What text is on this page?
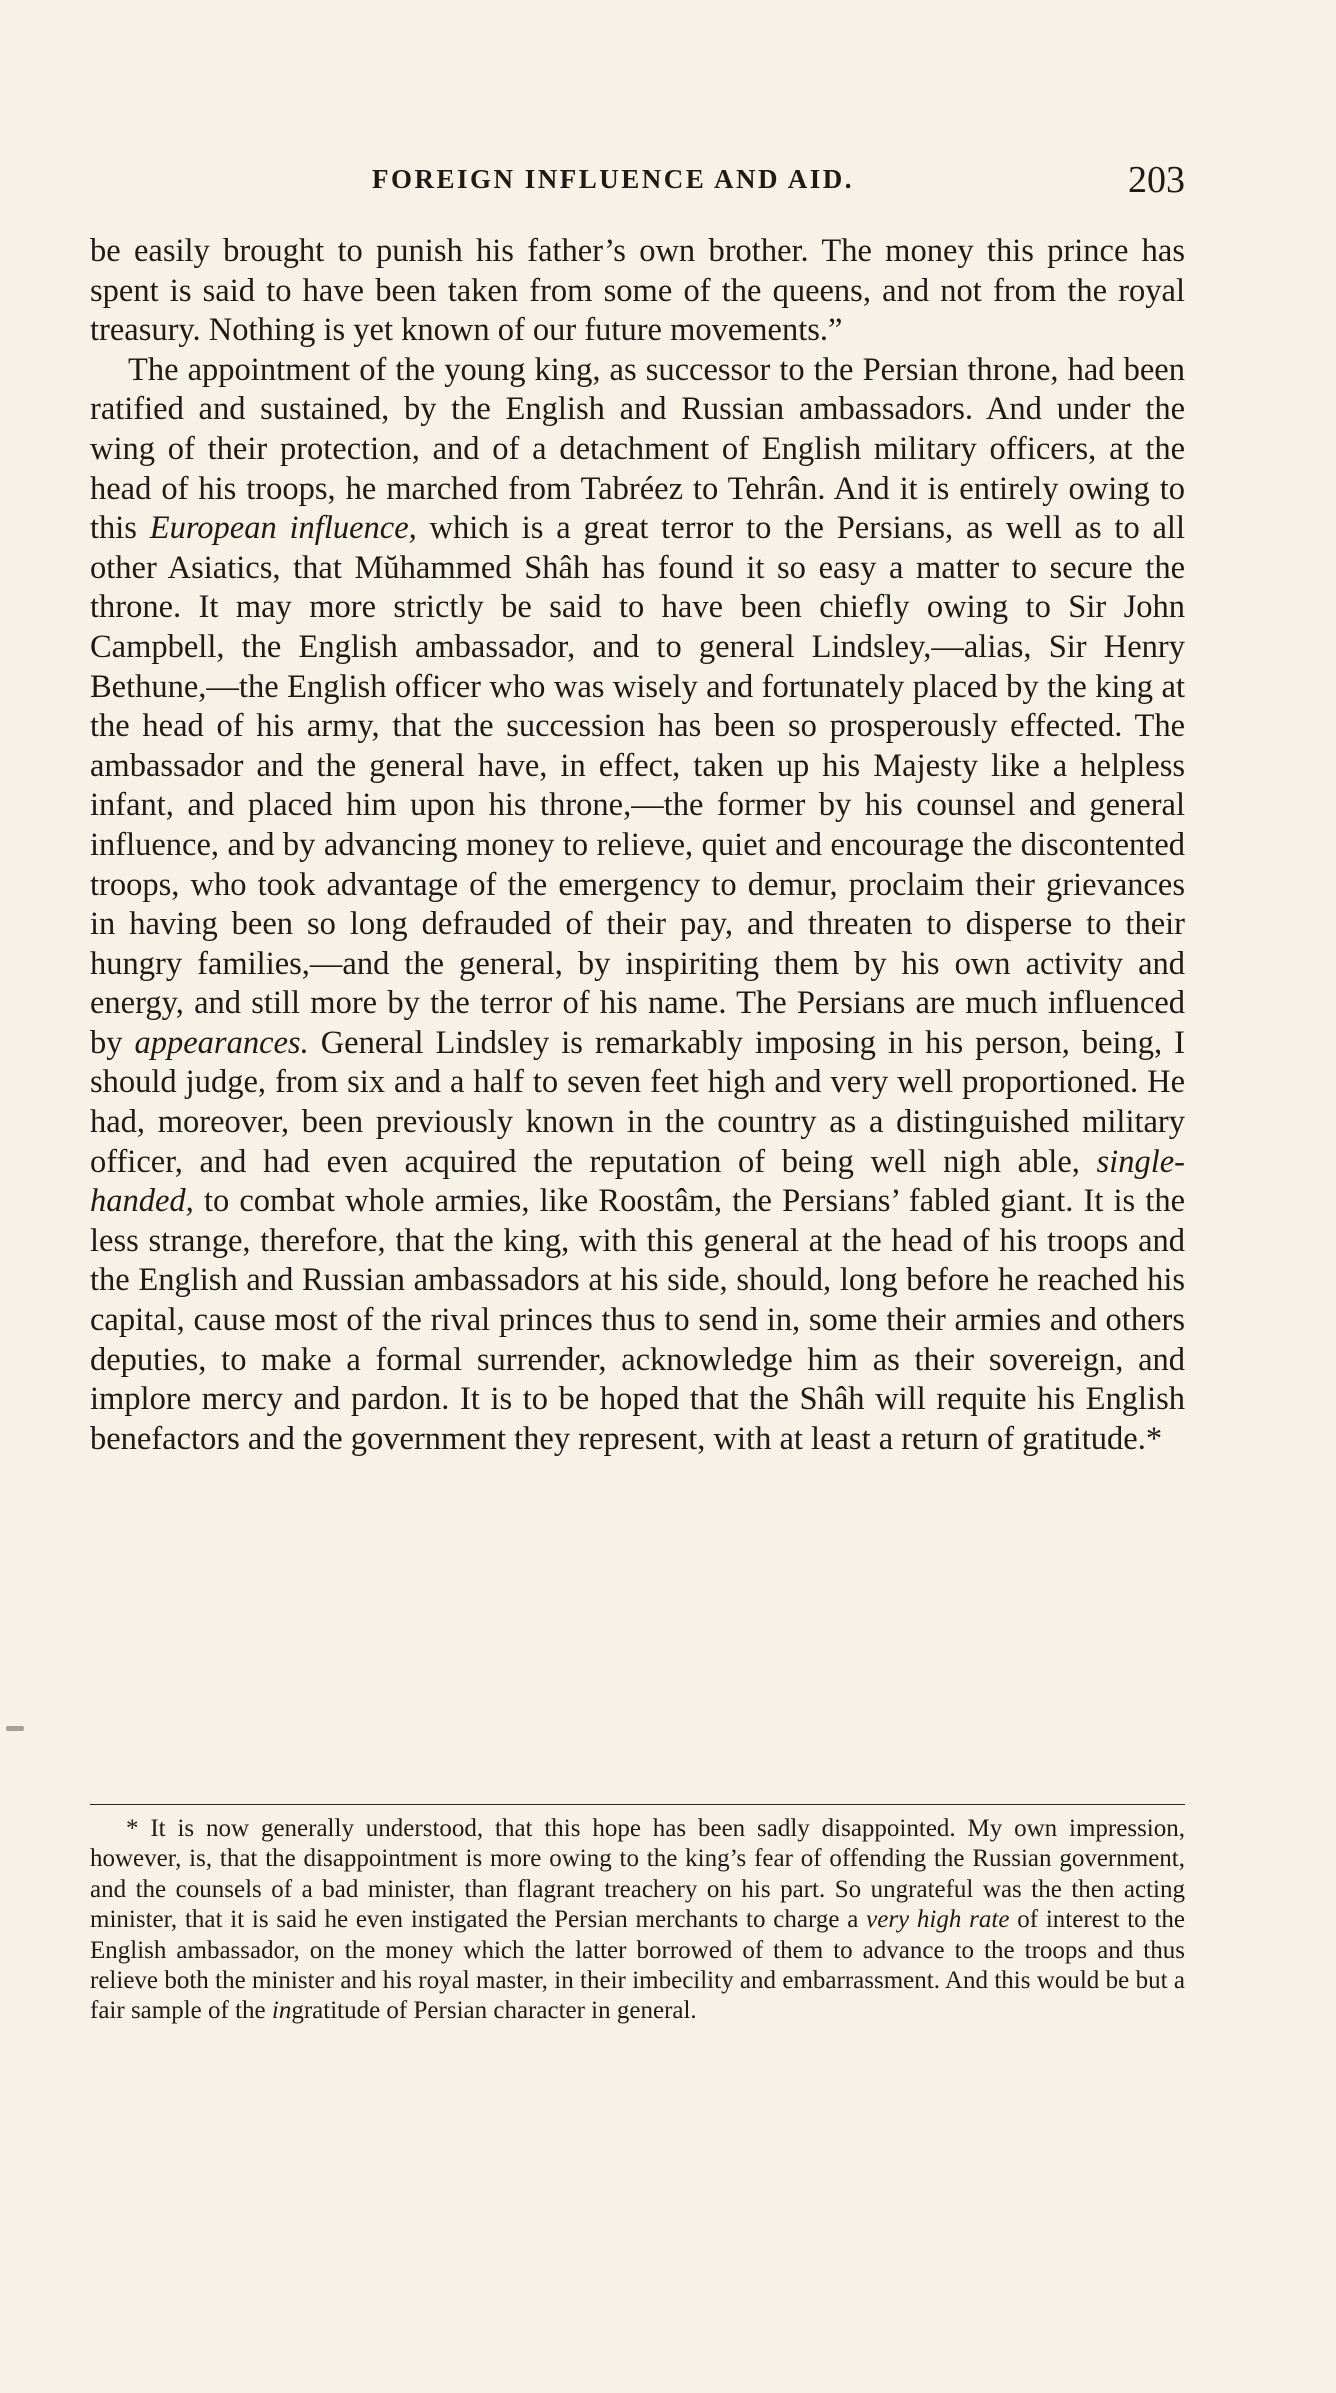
FOREIGN INFLUENCE AND AID.	203

be easily brought to punish his father’s own brother. The money this prince has spent is said to have been taken from some of the queens, and not from the royal treasury. Nothing is yet known of our future movements.”

The appointment of the young king, as successor to the Persian throne, had been ratified and sustained, by the English and Russian ambassadors. And under the wing of their protection, and of a detachment of English military officers, at the head of his troops, he marched from Tabréez to Tehrân. And it is entirely owing to this European influence, which is a great terror to the Persians, as well as to all other Asiatics, that Mŭhammed Shâh has found it so easy a matter to secure the throne. It may more strictly be said to have been chiefly owing to Sir John Campbell, the English ambassador, and to general Lindsley,—alias, Sir Henry Bethune,—the English officer who was wisely and fortunately placed by the king at the head of his army, that the succession has been so prosperously effected. The ambassador and the general have, in effect, taken up his Majesty like a helpless infant, and placed him upon his throne,—the former by his counsel and general influence, and by advancing money to relieve, quiet and encourage the discontented troops, who took advantage of the emergency to demur, proclaim their grievances in having been so long defrauded of their pay, and threaten to disperse to their hungry families,—and the general, by inspiriting them by his own activity and energy, and still more by the terror of his name. The Persians are much influenced by appearances. General Lindsley is remarkably imposing in his person, being, I should judge, from six and a half to seven feet high and very well proportioned. He had, moreover, been previously known in the country as a distinguished military officer, and had even acquired the reputation of being well nigh able, single-handed, to combat whole armies, like Roostâm, the Persians’ fabled giant. It is the less strange, therefore, that the king, with this general at the head of his troops and the English and Russian ambassadors at his side, should, long before he reached his capital, cause most of the rival princes thus to send in, some their armies and others deputies, to make a formal surrender, acknowledge him as their sovereign, and implore mercy and pardon. It is to be hoped that the Shâh will requite his English benefactors and the government they represent, with at least a return of gratitude.*

* It is now generally understood, that this hope has been sadly disappointed. My own impression, however, is, that the disappointment is more owing to the king’s fear of offending the Russian government, and the counsels of a bad minister, than flagrant treachery on his part. So ungrateful was the then acting minister, that it is said he even instigated the Persian merchants to charge a very high rate of interest to the English ambassador, on the money which the latter borrowed of them to advance to the troops and thus relieve both the minister and his royal master, in their imbecility and embarrassment. And this would be but a fair sample of the ingratitude of Persian character in general.
